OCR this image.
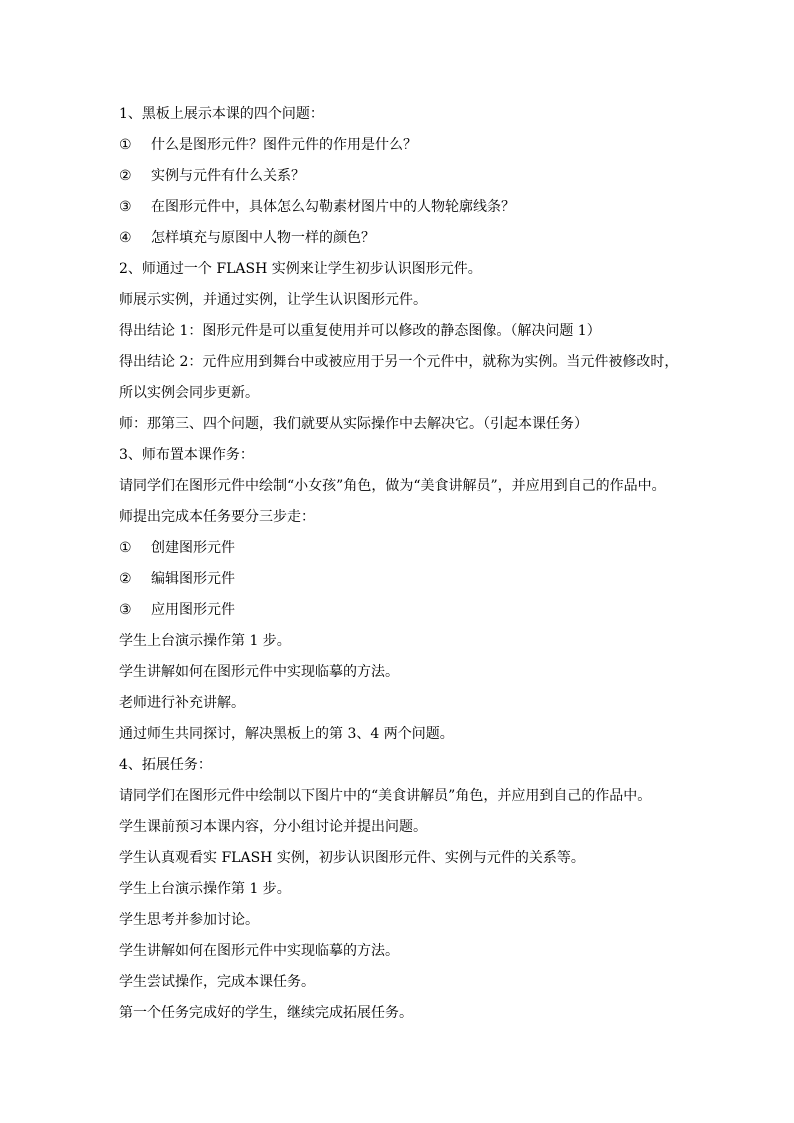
1、黑板上展示本课的四个问题：
① 什么是图形元件？图件元件的作用是什么？
② 实例与元件有什么关系？
③ 在图形元件中，具体怎么勾勒素材图片中的人物轮廓线条？
④ 怎样填充与原图中人物一样的颜色？
2、师通过一个 FLASH 实例来让学生初步认识图形元件。
师展示实例，并通过实例，让学生认识图形元件。
得出结论 1：图形元件是可以重复使用并可以修改的静态图像。（解决问题 1）
得出结论 2：元件应用到舞台中或被应用于另一个元件中，就称为实例。当元件被修改时，
所以实例会同步更新。
师：那第三、四个问题，我们就要从实际操作中去解决它。（引起本课任务）
3、师布置本课作务：
请同学们在图形元件中绘制“小女孩”角色，做为“美食讲解员”，并应用到自己的作品中。
师提出完成本任务要分三步走：
① 创建图形元件
② 编辑图形元件
③ 应用图形元件
学生上台演示操作第 1 步。
学生讲解如何在图形元件中实现临摹的方法。
老师进行补充讲解。
通过师生共同探讨，解决黑板上的第 3、4 两个问题。
4、拓展任务：
请同学们在图形元件中绘制以下图片中的“美食讲解员”角色，并应用到自己的作品中。
学生课前预习本课内容，分小组讨论并提出问题。
学生认真观看实 FLASH 实例，初步认识图形元件、实例与元件的关系等。
学生上台演示操作第 1 步。
学生思考并参加讨论。
学生讲解如何在图形元件中实现临摹的方法。
学生尝试操作，完成本课任务。
第一个任务完成好的学生，继续完成拓展任务。
